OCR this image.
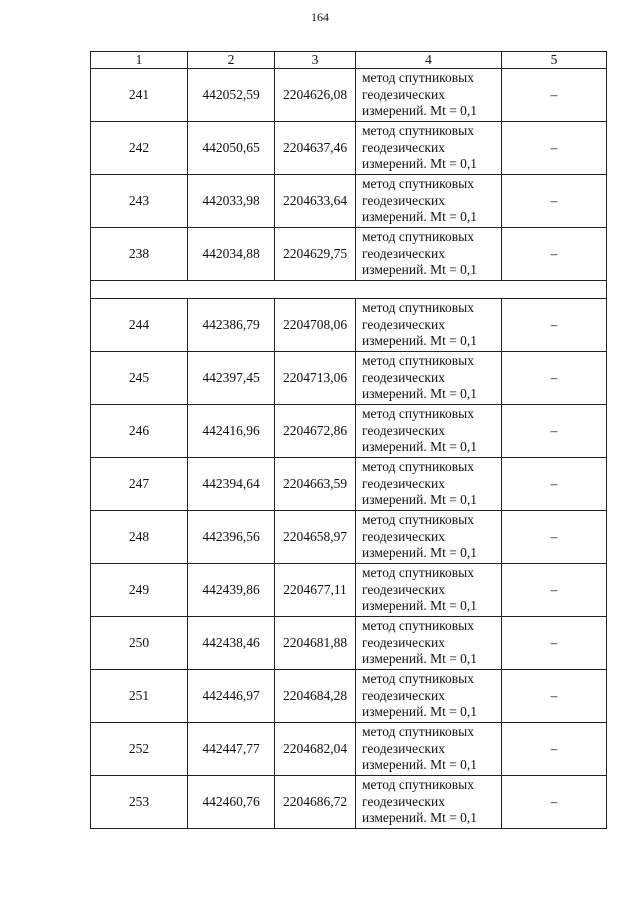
164
1	2	3	4	5
241	442052,59	2204626,08	метод спутниковых
геодезических
измерений. Mt = 0,1	–
242	442050,65	2204637,46	метод спутниковых
геодезических
измерений. Mt = 0,1	–
243	442033,98	2204633,64	метод спутниковых
геодезических
измерений. Mt = 0,1	–
238	442034,88	2204629,75	метод спутниковых
геодезических
измерений. Mt = 0,1	–

244	442386,79	2204708,06	метод спутниковых
геодезических
измерений. Mt = 0,1	–
245	442397,45	2204713,06	метод спутниковых
геодезических
измерений. Mt = 0,1	–
246	442416,96	2204672,86	метод спутниковых
геодезических
измерений. Mt = 0,1	–
247	442394,64	2204663,59	метод спутниковых
геодезических
измерений. Mt = 0,1	–
248	442396,56	2204658,97	метод спутниковых
геодезических
измерений. Mt = 0,1	–
249	442439,86	2204677,11	метод спутниковых
геодезических
измерений. Mt = 0,1	–
250	442438,46	2204681,88	метод спутниковых
геодезических
измерений. Mt = 0,1	–
251	442446,97	2204684,28	метод спутниковых
геодезических
измерений. Mt = 0,1	–
252	442447,77	2204682,04	метод спутниковых
геодезических
измерений. Mt = 0,1	–
253	442460,76	2204686,72	метод спутниковых
геодезических
измерений. Mt = 0,1	–
